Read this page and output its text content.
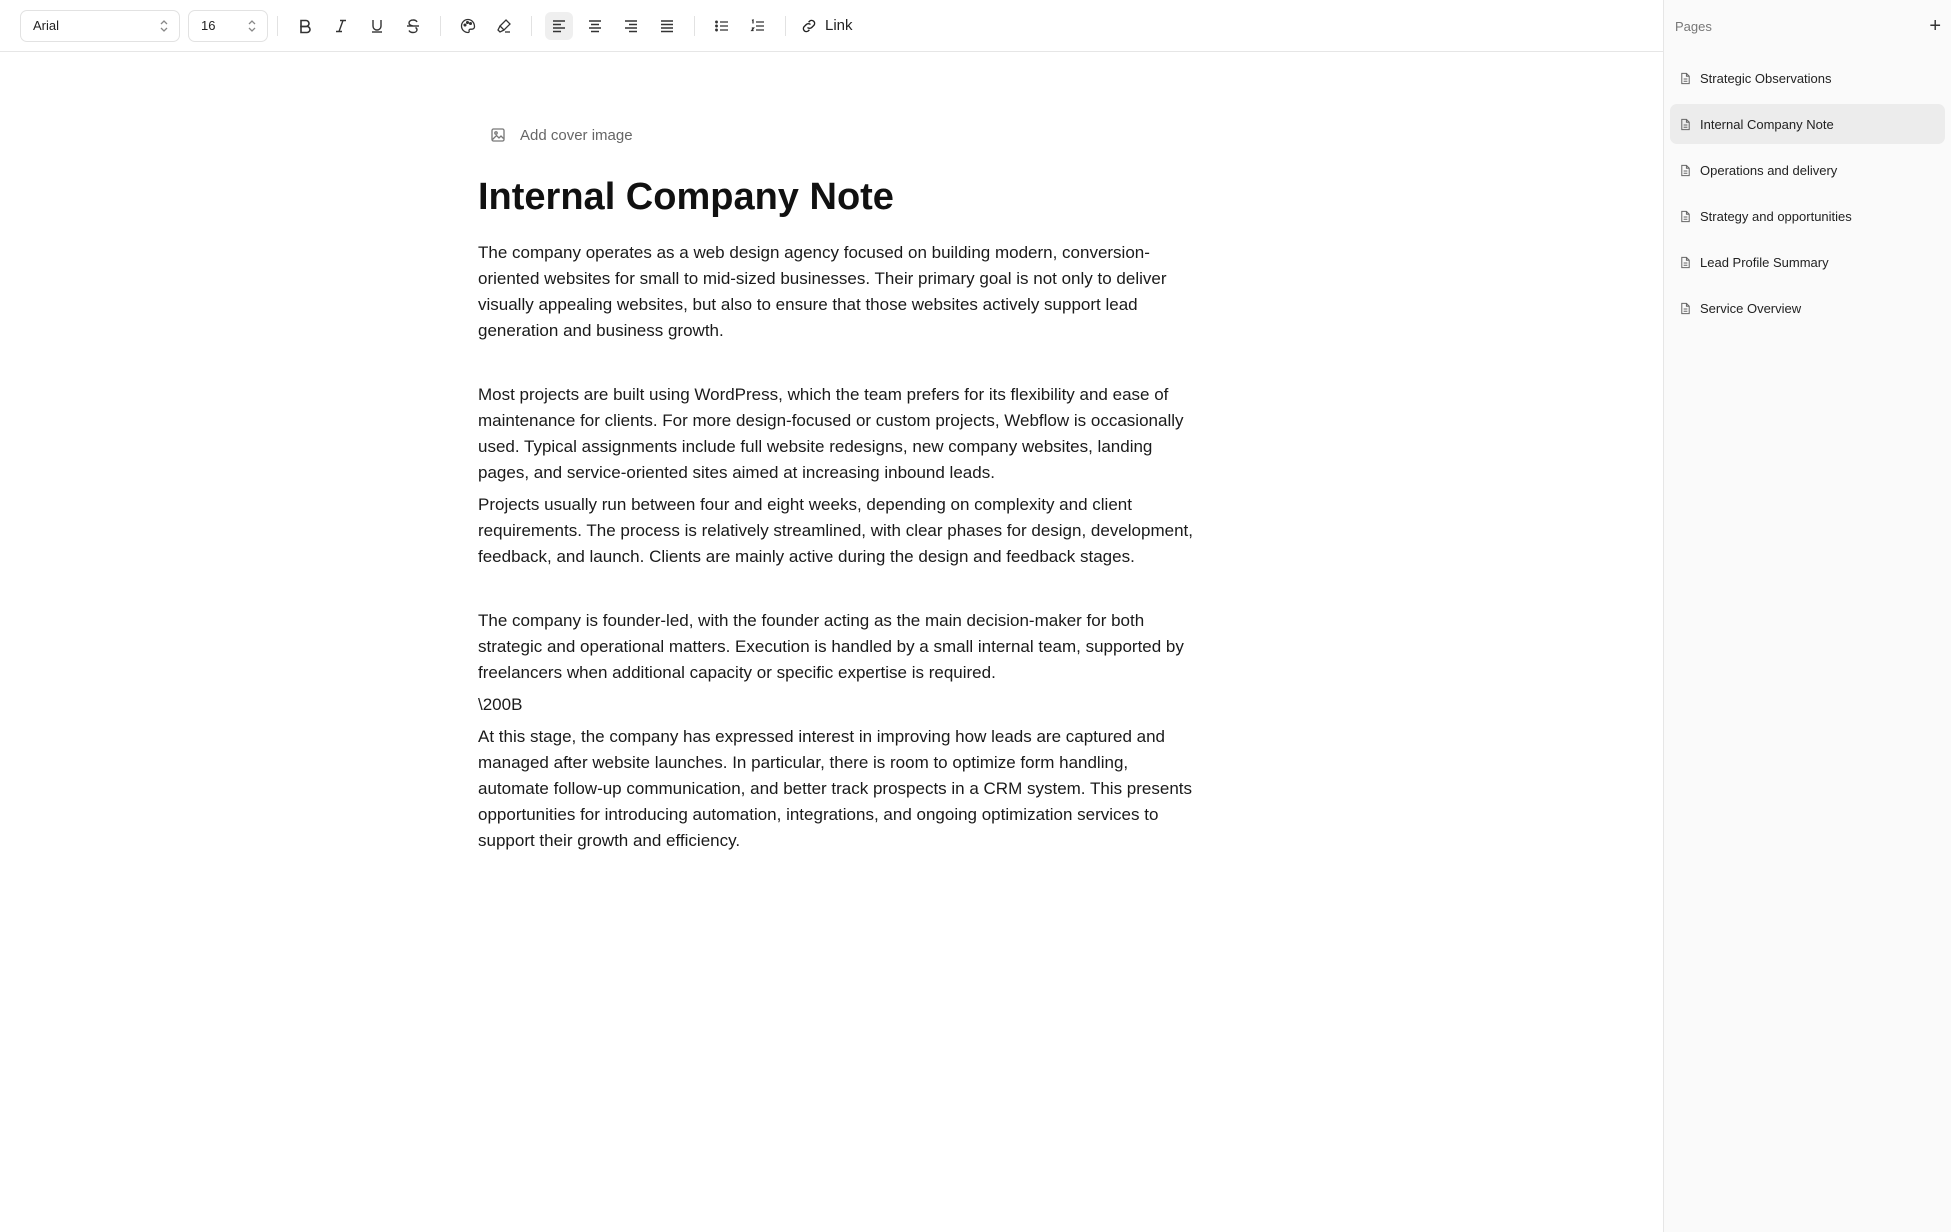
Arial	16	Link
Add cover image
Internal Company Note

The company operates as a web design agency focused on building modern, conversion-oriented websites for small to mid-sized businesses. Their primary goal is not only to deliver visually appealing websites, but also to ensure that those websites actively support lead generation and business growth.

Most projects are built using WordPress, which the team prefers for its flexibility and ease of maintenance for clients. For more design-focused or custom projects, Webflow is occasionally used. Typical assignments include full website redesigns, new company websites, landing pages, and service-oriented sites aimed at increasing inbound leads.

Projects usually run between four and eight weeks, depending on complexity and client requirements. The process is relatively streamlined, with clear phases for design, development, feedback, and launch. Clients are mainly active during the design and feedback stages.

The company is founder-led, with the founder acting as the main decision-maker for both strategic and operational matters. Execution is handled by a small internal team, supported by freelancers when additional capacity or specific expertise is required.

\200B

At this stage, the company has expressed interest in improving how leads are captured and managed after website launches. In particular, there is room to optimize form handling, automate follow-up communication, and better track prospects in a CRM system. This presents opportunities for introducing automation, integrations, and ongoing optimization services to support their growth and efficiency.

Pages	+
Strategic Observations
Internal Company Note
Operations and delivery
Strategy and opportunities
Lead Profile Summary
Service Overview
